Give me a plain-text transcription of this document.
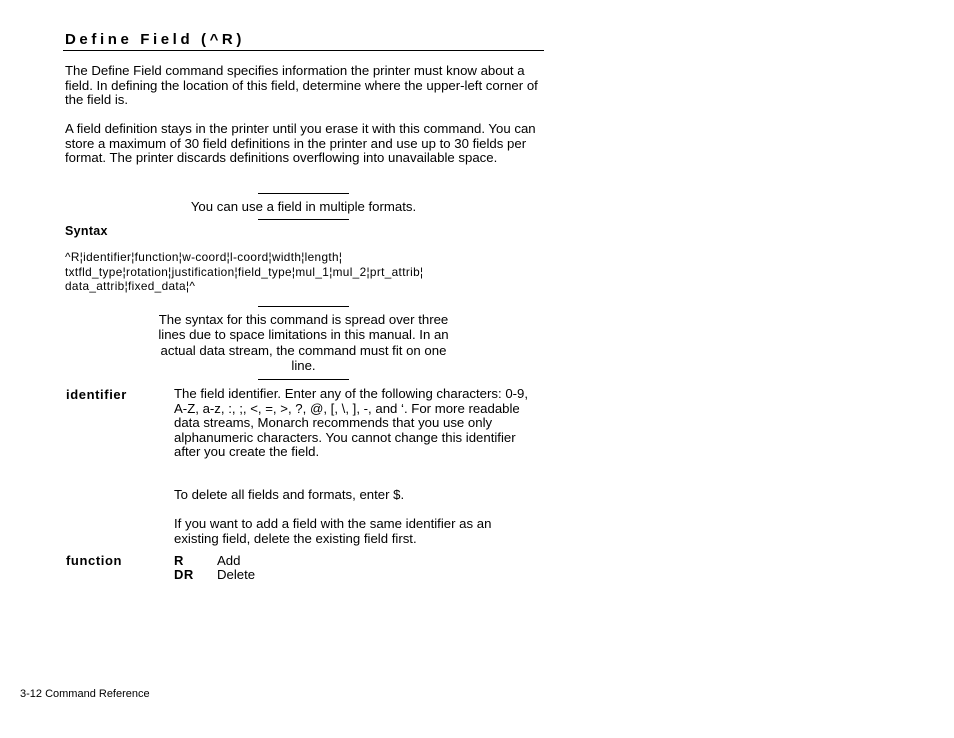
Define Field (^R)

The Define Field command specifies information the printer must know about a field. In defining the location of this field, determine where the upper-left corner of the field is.

A field definition stays in the printer until you erase it with this command. You can store a maximum of 30 field definitions in the printer and use up to 30 fields per format. The printer discards definitions overflowing into unavailable space.

You can use a field in multiple formats.

Syntax
^R¦identifier¦function¦w-coord¦l-coord¦width¦length¦
txtfld_type¦rotation¦justification¦field_type¦mul_1¦mul_2¦prt_attrib¦
data_attrib¦fixed_data¦^

The syntax for this command is spread over three

lines due to space limitations in this manual. In an

actual data stream, the command must fit on one

line.

identifier	The field identifier. Enter any of the following characters: 0-9, A-Z, a-z, :, ;, <, =, >, ?, @, [, \, ], -, and ‘. For more readable data streams, Monarch recommends that you use only alphanumeric characters. You cannot change this identifier after you create the field.

To delete all fields and formats, enter $.

If you want to add a field with the same identifier as an existing field, delete the existing field first.

function	R	Add
DR Delete
3-12 Command Reference
